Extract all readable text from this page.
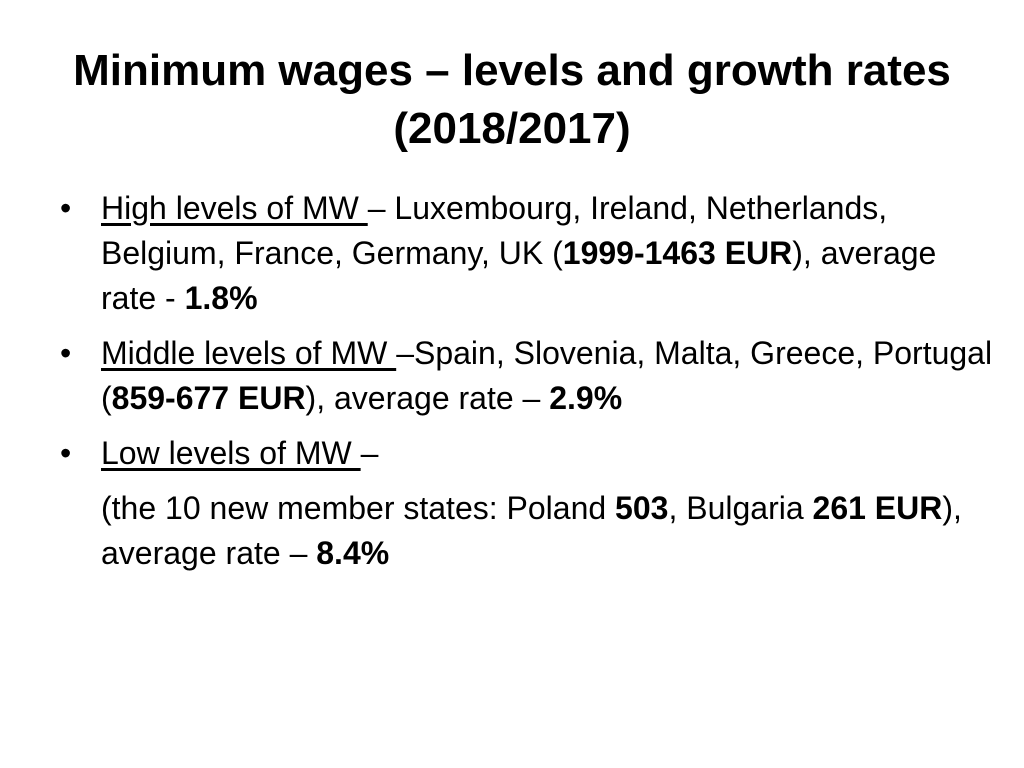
Minimum wages – levels and growth rates (2018/2017)
• High levels of MW – Luxembourg, Ireland, Netherlands, Belgium, France, Germany, UK (1999-1463 EUR), average rate - 1.8%
• Middle levels of MW –Spain, Slovenia, Malta, Greece, Portugal (859-677 EUR), average rate – 2.9%
• Low levels of MW –
(the 10 new member states: Poland 503, Bulgaria 261 EUR), average rate – 8.4%
